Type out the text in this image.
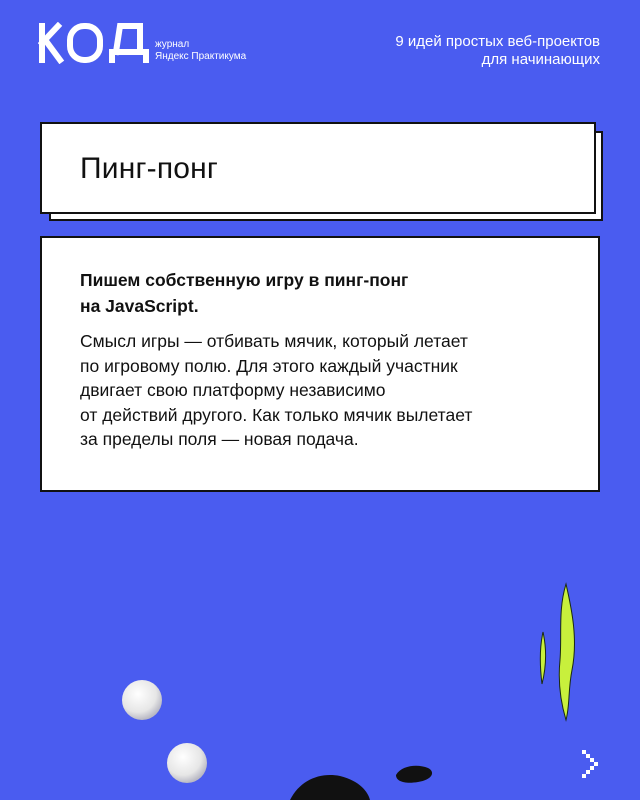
журнал
Яндекс Практикума
9 идей простых веб-проектов
для начинающих
Пинг-понг
Пишем собственную игру в пинг-понг
на JavaScript.
Смысл игры — отбивать мячик, который летает
по игровому полю. Для этого каждый участник
двигает свою платформу независимо
от действий другого. Как только мячик вылетает
за пределы поля — новая подача.
